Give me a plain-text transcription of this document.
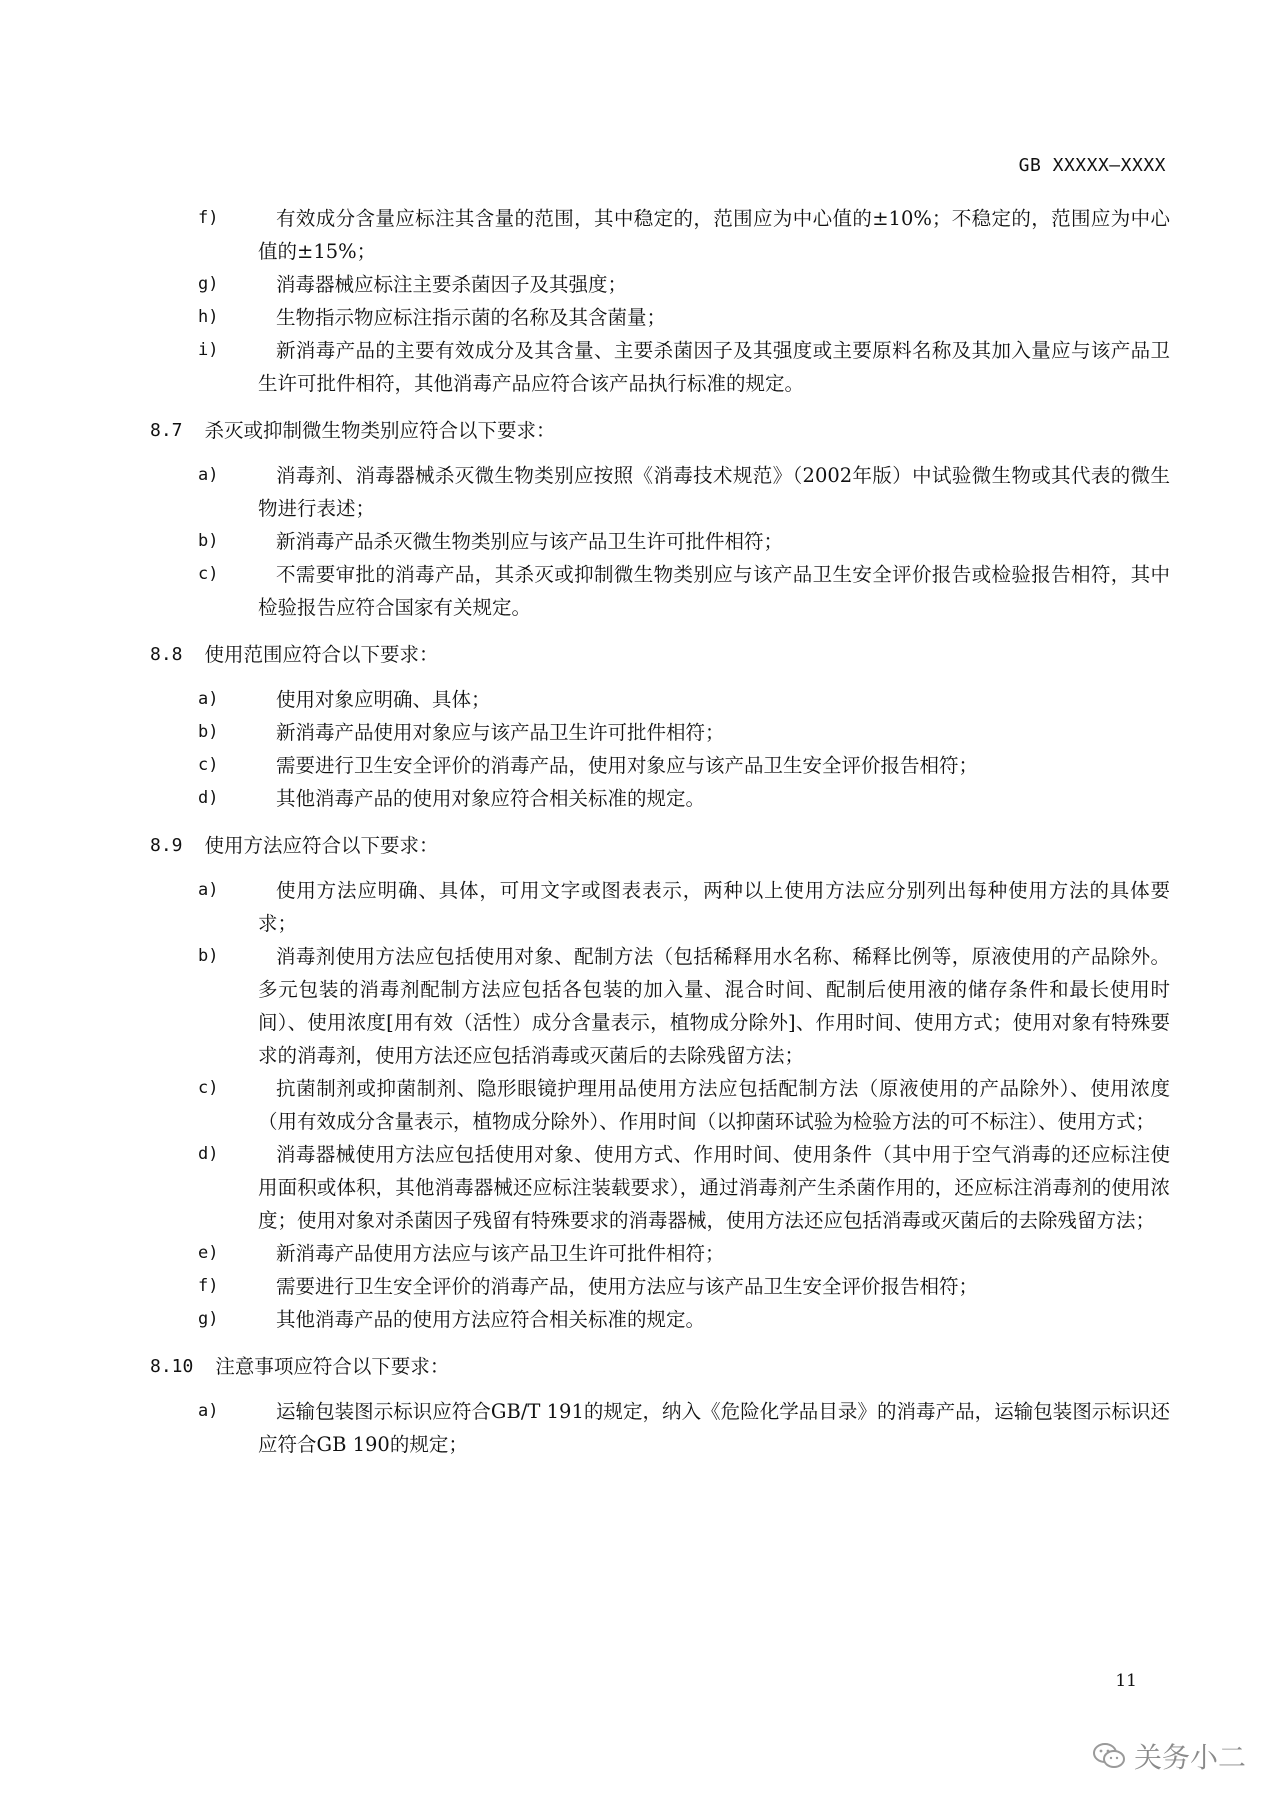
GB XXXXX—XXXX
f)	有效成分含量应标注其含量的范围，其中稳定的，范围应为中心值的±10%；不稳定的，范围应为中心值的±15%；
g)	消毒器械应标注主要杀菌因子及其强度；
h)	生物指示物应标注指示菌的名称及其含菌量；
i)	新消毒产品的主要有效成分及其含量、主要杀菌因子及其强度或主要原料名称及其加入量应与该产品卫生许可批件相符，其他消毒产品应符合该产品执行标准的规定。
8.7 杀灭或抑制微生物类别应符合以下要求：
a)	消毒剂、消毒器械杀灭微生物类别应按照《消毒技术规范》（2002年版）中试验微生物或其代表的微生物进行表述；
b)	新消毒产品杀灭微生物类别应与该产品卫生许可批件相符；
c)	不需要审批的消毒产品，其杀灭或抑制微生物类别应与该产品卫生安全评价报告或检验报告相符，其中检验报告应符合国家有关规定。
8.8 使用范围应符合以下要求：
a)	使用对象应明确、具体；
b)	新消毒产品使用对象应与该产品卫生许可批件相符；
c)	需要进行卫生安全评价的消毒产品，使用对象应与该产品卫生安全评价报告相符；
d)	其他消毒产品的使用对象应符合相关标准的规定。
8.9 使用方法应符合以下要求：
a)	使用方法应明确、具体，可用文字或图表表示，两种以上使用方法应分别列出每种使用方法的具体要求；
b)	消毒剂使用方法应包括使用对象、配制方法（包括稀释用水名称、稀释比例等，原液使用的产品除外。多元包装的消毒剂配制方法应包括各包装的加入量、混合时间、配制后使用液的储存条件和最长使用时间）、使用浓度[用有效（活性）成分含量表示，植物成分除外]、作用时间、使用方式；使用对象有特殊要求的消毒剂，使用方法还应包括消毒或灭菌后的去除残留方法；
c)	抗菌制剂或抑菌制剂、隐形眼镜护理用品使用方法应包括配制方法（原液使用的产品除外）、使用浓度（用有效成分含量表示，植物成分除外）、作用时间（以抑菌环试验为检验方法的可不标注）、使用方式；
d)	消毒器械使用方法应包括使用对象、使用方式、作用时间、使用条件（其中用于空气消毒的还应标注使用面积或体积，其他消毒器械还应标注装载要求），通过消毒剂产生杀菌作用的，还应标注消毒剂的使用浓度；使用对象对杀菌因子残留有特殊要求的消毒器械，使用方法还应包括消毒或灭菌后的去除残留方法；
e)	新消毒产品使用方法应与该产品卫生许可批件相符；
f)	需要进行卫生安全评价的消毒产品，使用方法应与该产品卫生安全评价报告相符；
g)	其他消毒产品的使用方法应符合相关标准的规定。
8.10 注意事项应符合以下要求：
a)	运输包装图示标识应符合GB/T 191的规定，纳入《危险化学品目录》的消毒产品，运输包装图示标识还应符合GB 190的规定；
11
关务小二
